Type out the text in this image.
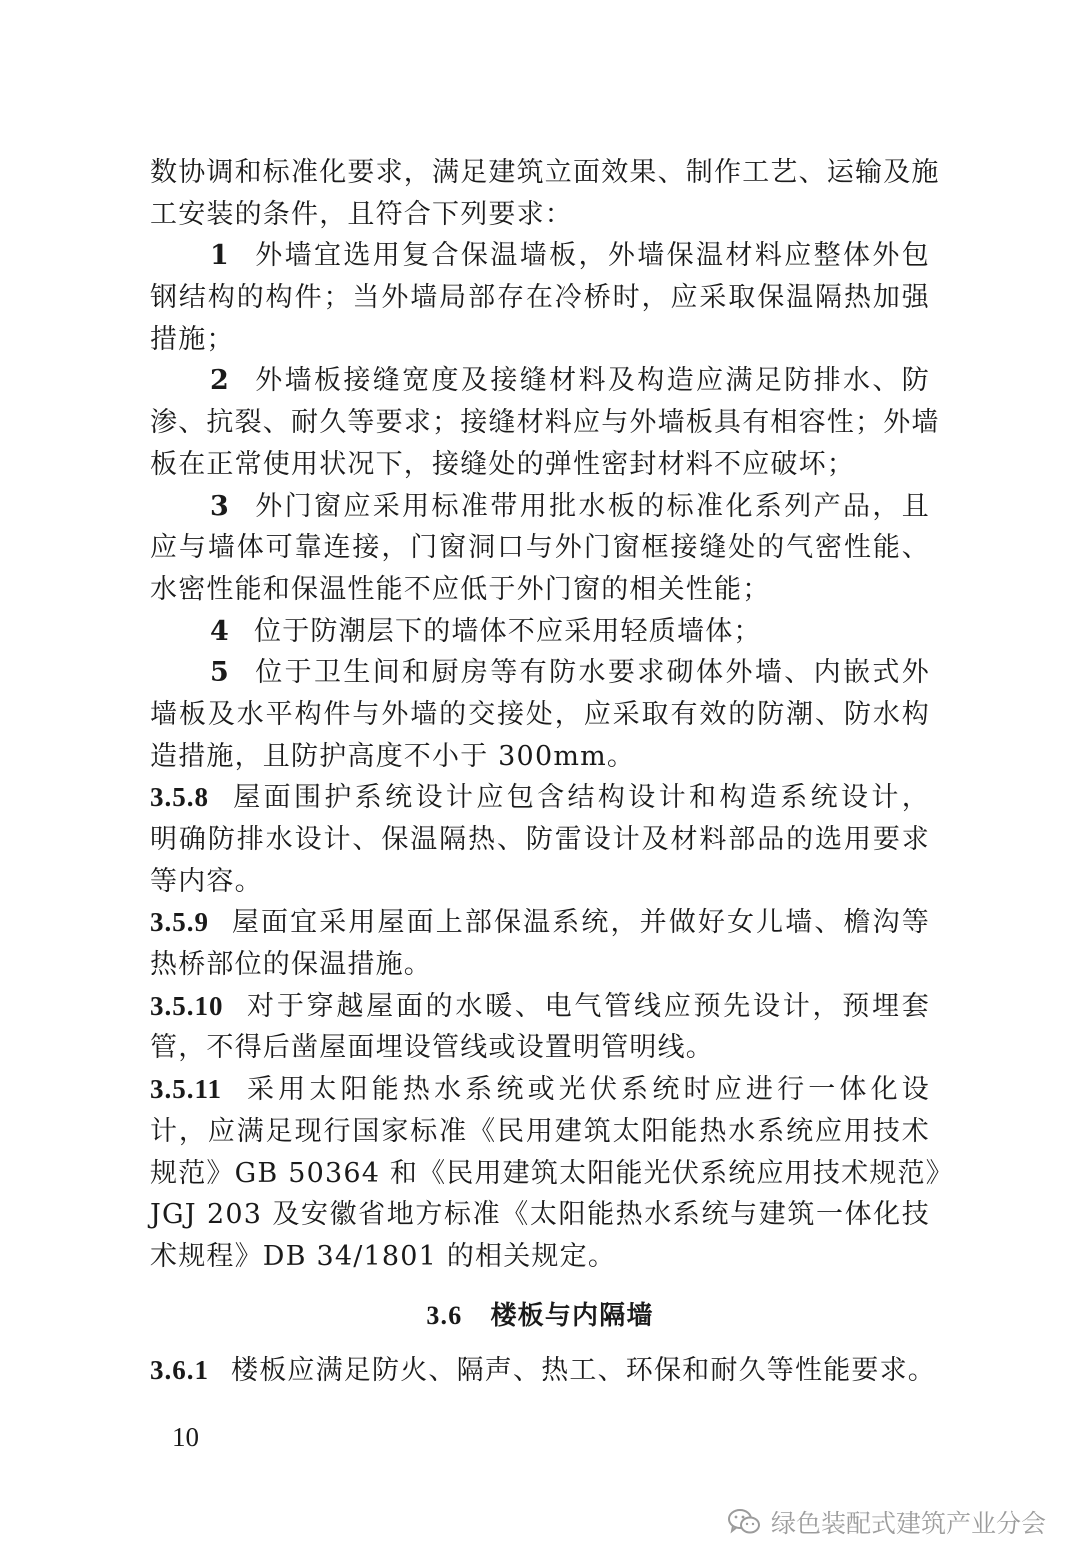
数协调和标准化要求，满足建筑立面效果、制作工艺、运输及施
工安装的条件，且符合下列要求：
1 外墙宜选用复合保温墙板，外墙保温材料应整体外包
钢结构的构件；当外墙局部存在冷桥时，应采取保温隔热加强
措施；
2 外墙板接缝宽度及接缝材料及构造应满足防排水、防
渗、抗裂、耐久等要求；接缝材料应与外墙板具有相容性；外墙
板在正常使用状况下，接缝处的弹性密封材料不应破坏；
3 外门窗应采用标准带用批水板的标准化系列产品，且
应与墙体可靠连接，门窗洞口与外门窗框接缝处的气密性能、
水密性能和保温性能不应低于外门窗的相关性能；
4 位于防潮层下的墙体不应采用轻质墙体；
5 位于卫生间和厨房等有防水要求砌体外墙、内嵌式外
墙板及水平构件与外墙的交接处，应采取有效的防潮、防水构
造措施，且防护高度不小于 300mm。
3.5.8 屋面围护系统设计应包含结构设计和构造系统设计，
明确防排水设计、保温隔热、防雷设计及材料部品的选用要求
等内容。
3.5.9 屋面宜采用屋面上部保温系统，并做好女儿墙、檐沟等
热桥部位的保温措施。
3.5.10 对于穿越屋面的水暖、电气管线应预先设计，预埋套
管，不得后凿屋面埋设管线或设置明管明线。
3.5.11 采用太阳能热水系统或光伏系统时应进行一体化设
计，应满足现行国家标准《民用建筑太阳能热水系统应用技术
规范》GB 50364 和《民用建筑太阳能光伏系统应用技术规范》
JGJ 203 及安徽省地方标准《太阳能热水系统与建筑一体化技
术规程》DB 34/1801 的相关规定。
3.6 楼板与内隔墙
3.6.1 楼板应满足防火、隔声、热工、环保和耐久等性能要求。
10
绿色装配式建筑产业分会
